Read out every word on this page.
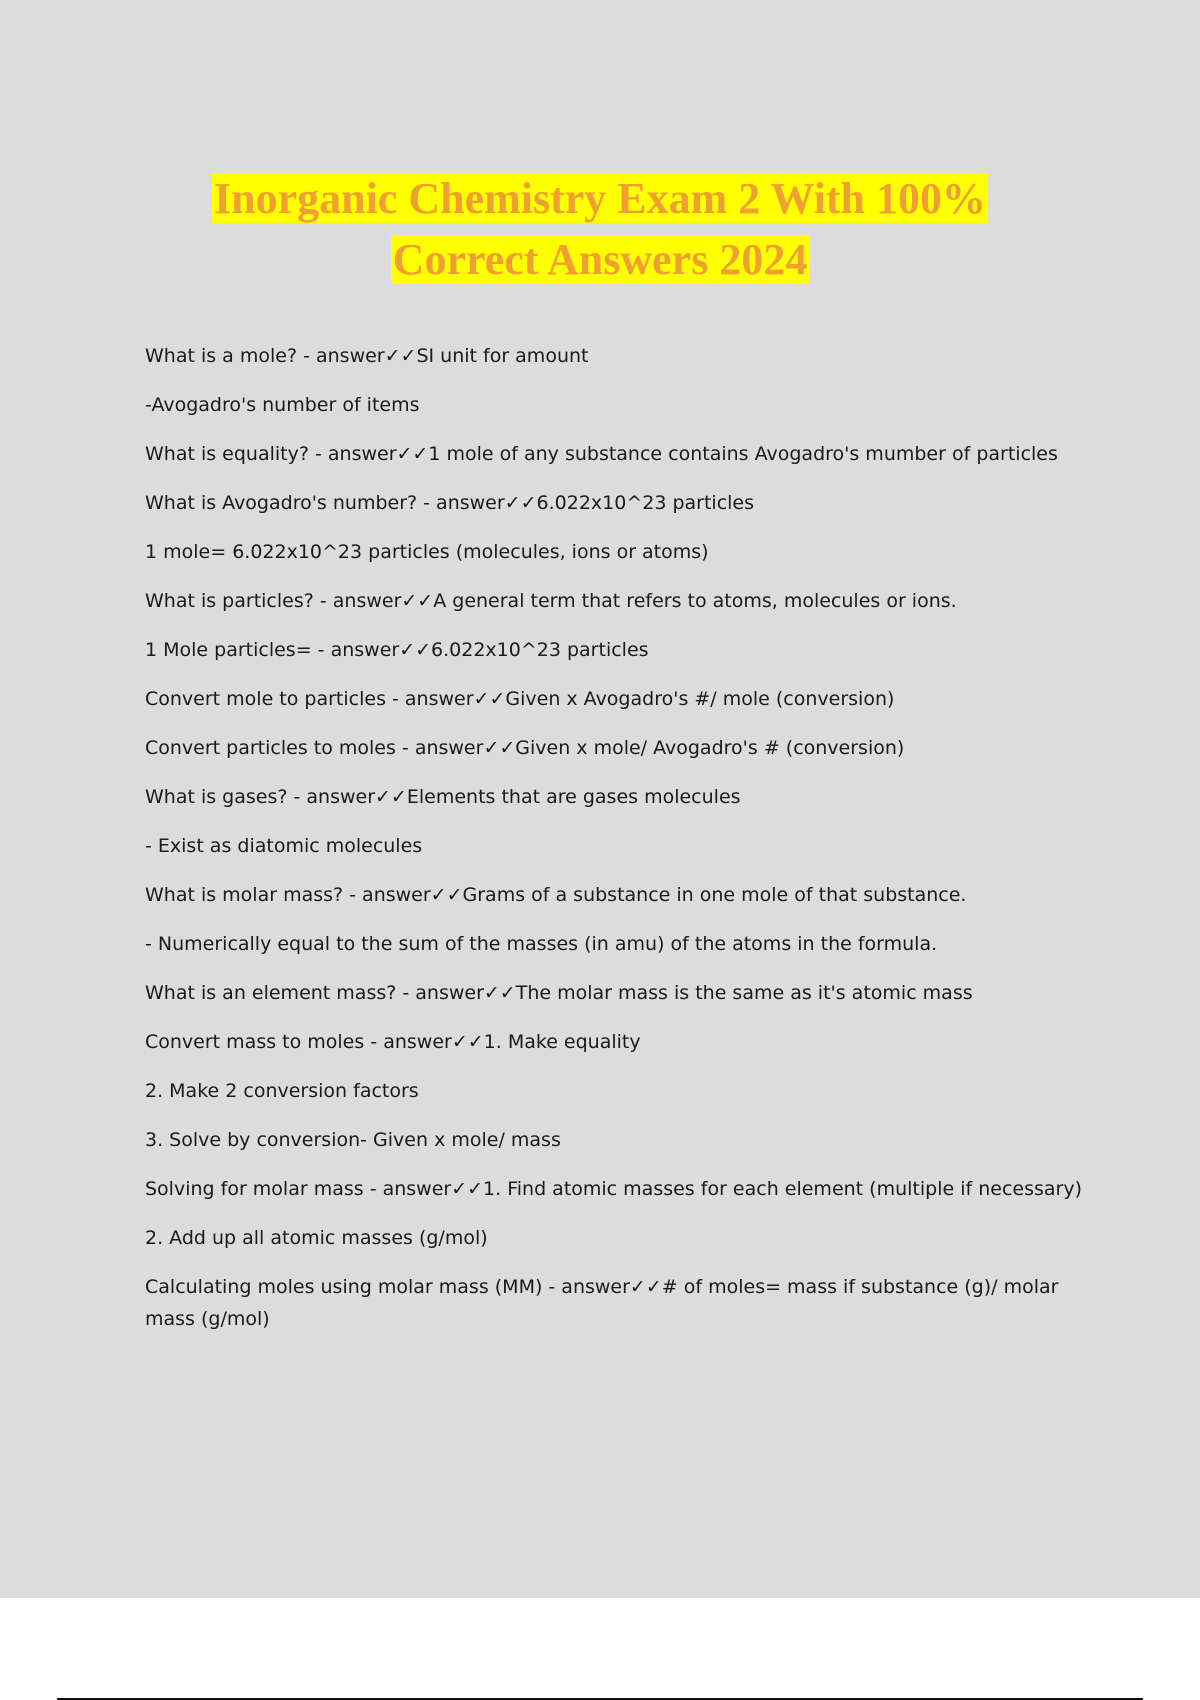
Inorganic Chemistry Exam 2 With 100%
Correct Answers 2024

What is a mole? - answer✓✓SI unit for amount

-Avogadro's number of items

What is equality? - answer✓✓1 mole of any substance contains Avogadro's mumber of particles

What is Avogadro's number? - answer✓✓6.022x10^23 particles

1 mole= 6.022x10^23 particles (molecules, ions or atoms)

What is particles? - answer✓✓A general term that refers to atoms, molecules or ions.

1 Mole particles= - answer✓✓6.022x10^23 particles

Convert mole to particles - answer✓✓Given x Avogadro's #/ mole (conversion)

Convert particles to moles - answer✓✓Given x mole/ Avogadro's # (conversion)

What is gases? - answer✓✓Elements that are gases molecules

- Exist as diatomic molecules

What is molar mass? - answer✓✓Grams of a substance in one mole of that substance.

- Numerically equal to the sum of the masses (in amu) of the atoms in the formula.

What is an element mass? - answer✓✓The molar mass is the same as it's atomic mass

Convert mass to moles - answer✓✓1. Make equality

2. Make 2 conversion factors

3. Solve by conversion- Given x mole/ mass

Solving for molar mass - answer✓✓1. Find atomic masses for each element (multiple if necessary)

2. Add up all atomic masses (g/mol)

Calculating moles using molar mass (MM) - answer✓✓# of moles= mass if substance (g)/ molar mass (g/mol)
